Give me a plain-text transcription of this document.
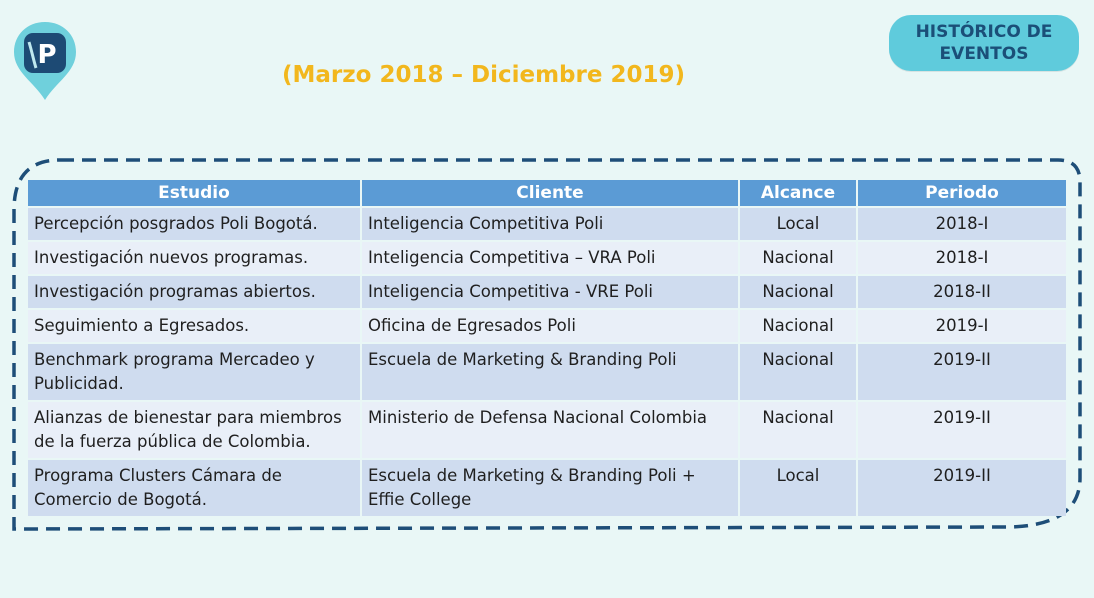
P
(Marzo 2018 – Diciembre 2019)
HISTÓRICO DE EVENTOS
Estudio	Cliente	Alcance	Periodo
Percepción posgrados Poli Bogotá.	Inteligencia Competitiva Poli	Local	2018-I
Investigación nuevos programas.	Inteligencia Competitiva – VRA Poli	Nacional	2018-I
Investigación programas abiertos.	Inteligencia Competitiva - VRE Poli	Nacional	2018-II
Seguimiento a Egresados.	Oficina de Egresados Poli	Nacional	2019-I
Benchmark programa Mercadeo y Publicidad.	Escuela de Marketing & Branding Poli	Nacional	2019-II
Alianzas de bienestar para miembros de la fuerza pública de Colombia.	Ministerio de Defensa Nacional Colombia	Nacional	2019-II
Programa Clusters Cámara de Comercio de Bogotá.	Escuela de Marketing & Branding Poli + Effie College	Local	2019-II
